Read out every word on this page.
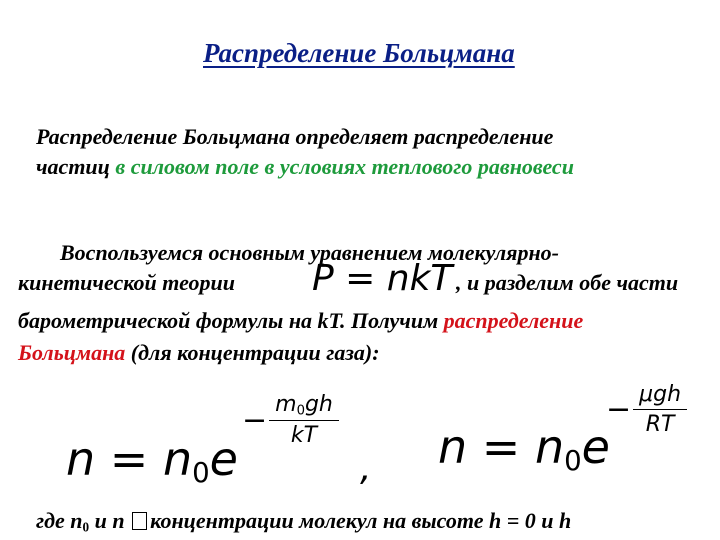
Распределение Больцмана
Распределение Больцмана определяет распределение
частиц в силовом поле в условиях теплового равновеси
Воспользуемся основным уравнением молекулярно-
кинетической теории P = nkT , и разделим обе части
барометрической формулы на kT. Получим распределение
Больцмана (для концентрации газа):
$n = n_0e$
− $\frac{m_0gh}{kT}$
, $n = n_0e$
− $\frac{\text{μgh}}{RT}$
где $n_0$ и n концентрации молекул на высоте h = 0 и h
